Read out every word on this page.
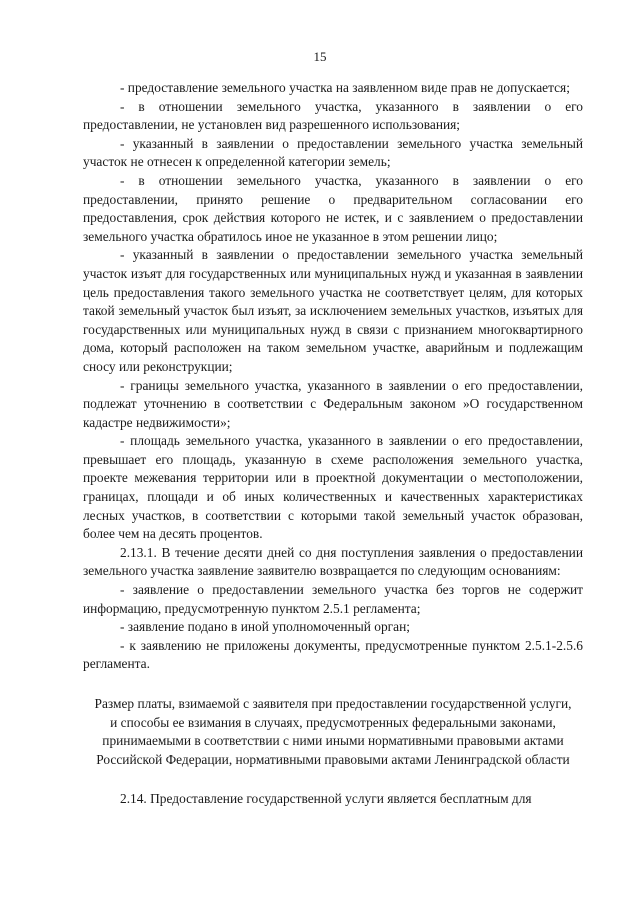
15

- предоставление земельного участка на заявленном виде прав не допускается;

- в отношении земельного участка, указанного в заявлении о его предоставлении, не установлен вид разрешенного использования;

- указанный в заявлении о предоставлении земельного участка земельный участок не отнесен к определенной категории земель;

- в отношении земельного участка, указанного в заявлении о его предоставлении, принято решение о предварительном согласовании его предоставления, срок действия которого не истек, и с заявлением о предоставлении земельного участка обратилось иное не указанное в этом решении лицо;

- указанный в заявлении о предоставлении земельного участка земельный участок изъят для государственных или муниципальных нужд и указанная в заявлении цель предоставления такого земельного участка не соответствует целям, для которых такой земельный участок был изъят, за исключением земельных участков, изъятых для государственных или муниципальных нужд в связи с признанием многоквартирного дома, который расположен на таком земельном участке, аварийным и подлежащим сносу или реконструкции;

- границы земельного участка, указанного в заявлении о его предоставлении, подлежат уточнению в соответствии с Федеральным законом »О государственном кадастре недвижимости»;

- площадь земельного участка, указанного в заявлении о его предоставлении, превышает его площадь, указанную в схеме расположения земельного участка, проекте межевания территории или в проектной документации о местоположении, границах, площади и об иных количественных и качественных характеристиках лесных участков, в соответствии с которыми такой земельный участок образован, более чем на десять процентов.

2.13.1. В течение десяти дней со дня поступления заявления о предоставлении земельного участка заявление заявителю возвращается по следующим основаниям:

- заявление о предоставлении земельного участка без торгов не содержит информацию, предусмотренную пунктом 2.5.1 регламента;

- заявление подано в иной уполномоченный орган;

- к заявлению не приложены документы, предусмотренные пунктом 2.5.1-2.5.6 регламента.

Размер платы, взимаемой с заявителя при предоставлении государственной услуги, и способы ее взимания в случаях, предусмотренных федеральными законами, принимаемыми в соответствии с ними иными нормативными правовыми актами Российской Федерации, нормативными правовыми актами Ленинградской области

2.14. Предоставление государственной услуги является бесплатным для
